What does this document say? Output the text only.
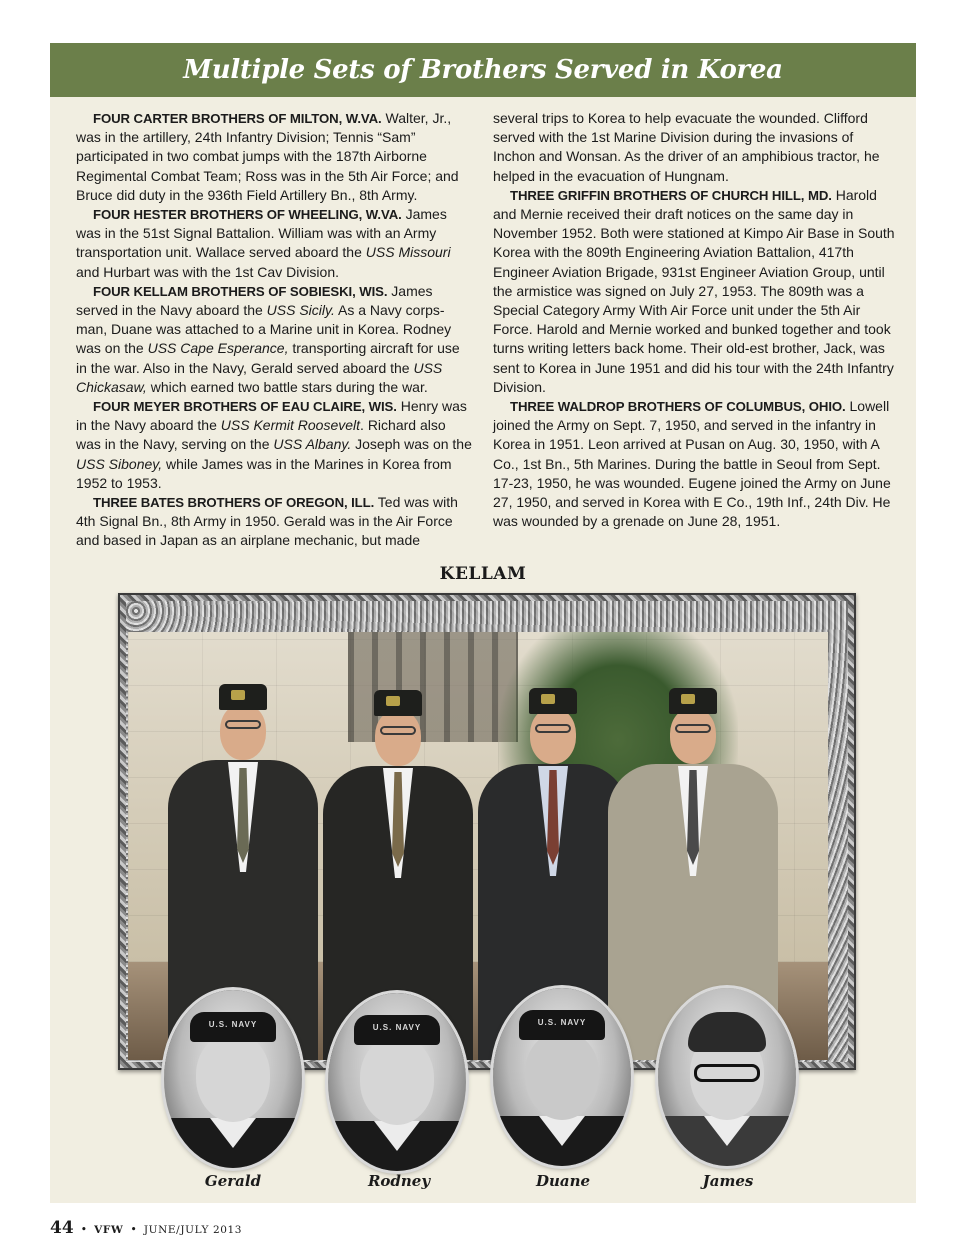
Multiple Sets of Brothers Served in Korea

FOUR CARTER BROTHERS OF MILTON, W.VA. Walter, Jr., was in the artillery, 24th Infantry Division; Tennis “Sam” participated in two combat jumps with the 187th Airborne Regimental Combat Team; Ross was in the 5th Air Force; and Bruce did duty in the 936th Field Artillery Bn., 8th Army.

FOUR HESTER BROTHERS OF WHEELING, W.VA. James was in the 51st Signal Battalion. William was with an Army transportation unit. Wallace served aboard the USS Missouri and Hurbart was with the 1st Cav Division.

FOUR KELLAM BROTHERS OF SOBIESKI, WIS. James served in the Navy aboard the USS Sicily. As a Navy corps-man, Duane was attached to a Marine unit in Korea. Rodney was on the USS Cape Esperance, transporting aircraft for use in the war. Also in the Navy, Gerald served aboard the USS Chickasaw, which earned two battle stars during the war.

FOUR MEYER BROTHERS OF EAU CLAIRE, WIS. Henry was in the Navy aboard the USS Kermit Roosevelt. Richard also was in the Navy, serving on the USS Albany. Joseph was on the USS Siboney, while James was in the Marines in Korea from 1952 to 1953.

THREE BATES BROTHERS OF OREGON, ILL. Ted was with 4th Signal Bn., 8th Army in 1950. Gerald was in the Air Force and based in Japan as an airplane mechanic, but made

several trips to Korea to help evacuate the wounded. Clifford served with the 1st Marine Division during the invasions of Inchon and Wonsan. As the driver of an amphibious tractor, he helped in the evacuation of Hungnam.

THREE GRIFFIN BROTHERS OF CHURCH HILL, MD. Harold and Mernie received their draft notices on the same day in November 1952. Both were stationed at Kimpo Air Base in South Korea with the 809th Engineering Aviation Battalion, 417th Engineer Aviation Brigade, 931st Engineer Aviation Group, until the armistice was signed on July 27, 1953. The 809th was a Special Category Army With Air Force unit under the 5th Air Force. Harold and Mernie worked and bunked together and took turns writing letters back home. Their old-est brother, Jack, was sent to Korea in June 1951 and did his tour with the 24th Infantry Division.

THREE WALDROP BROTHERS OF COLUMBUS, OHIO. Lowell joined the Army on Sept. 7, 1950, and served in the infantry in Korea in 1951. Leon arrived at Pusan on Aug. 30, 1950, with A Co., 1st Bn., 5th Marines. During the battle in Seoul from Sept. 17-23, 1950, he was wounded. Eugene joined the Army on June 27, 1950, and served in Korea with E Co., 19th Inf., 24th Div. He was wounded by a grenade on June 28, 1951.

KELLAM
U.S. NAVY	U.S. NAVY
U.S. NAVY
Gerald	Rodney	Duane	James
44 • VFW • JUNE/JULY 2013
